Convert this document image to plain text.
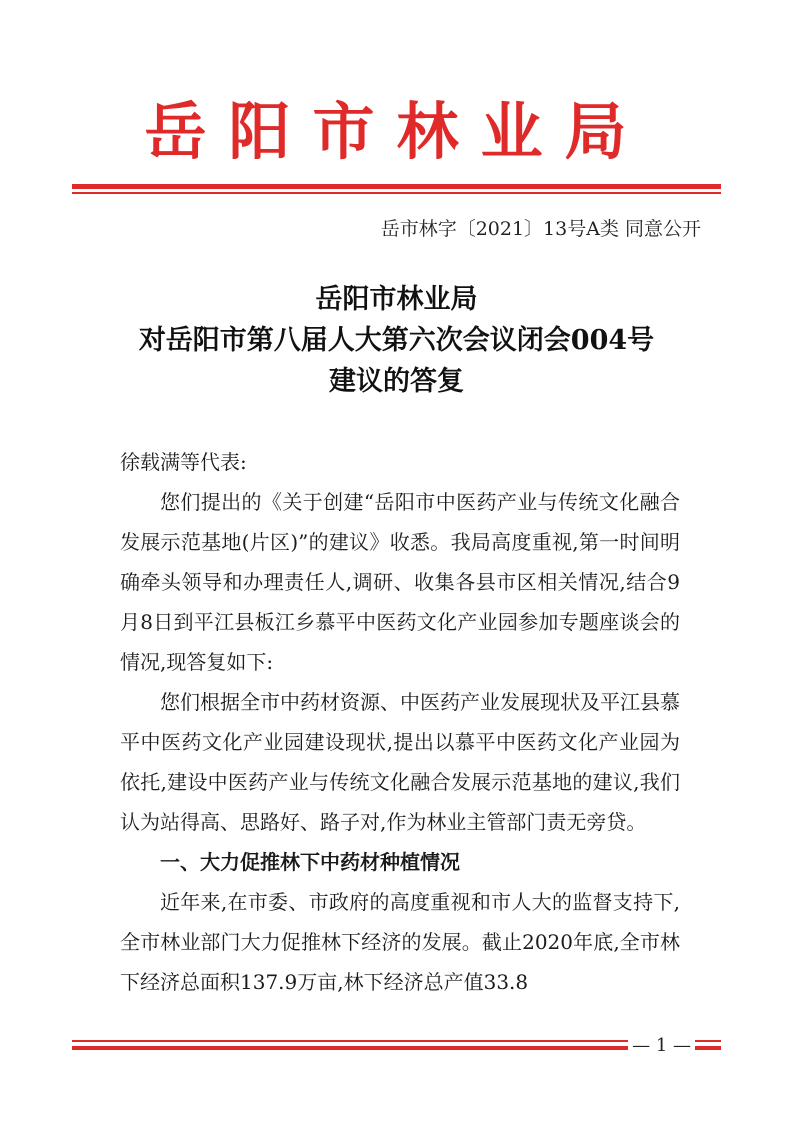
岳阳市林业局
岳市林字〔2021〕13号A类 同意公开
岳阳市林业局
对岳阳市第八届人大第六次会议闭会004号
建议的答复

徐载满等代表:

您们提出的《关于创建“岳阳市中医药产业与传统文化融合发展示范基地(片区)”的建议》收悉。我局高度重视,第一时间明确牵头领导和办理责任人,调研、收集各县市区相关情况,结合9月8日到平江县板江乡慕平中医药文化产业园参加专题座谈会的情况,现答复如下:

您们根据全市中药材资源、中医药产业发展现状及平江县慕平中医药文化产业园建设现状,提出以慕平中医药文化产业园为依托,建设中医药产业与传统文化融合发展示范基地的建议,我们认为站得高、思路好、路子对,作为林业主管部门责无旁贷。

一、大力促推林下中药材种植情况

近年来,在市委、市政府的高度重视和市人大的监督支持下,全市林业部门大力促推林下经济的发展。截止2020年底,全市林下经济总面积137.9万亩,林下经济总产值33.8

— 1 —
